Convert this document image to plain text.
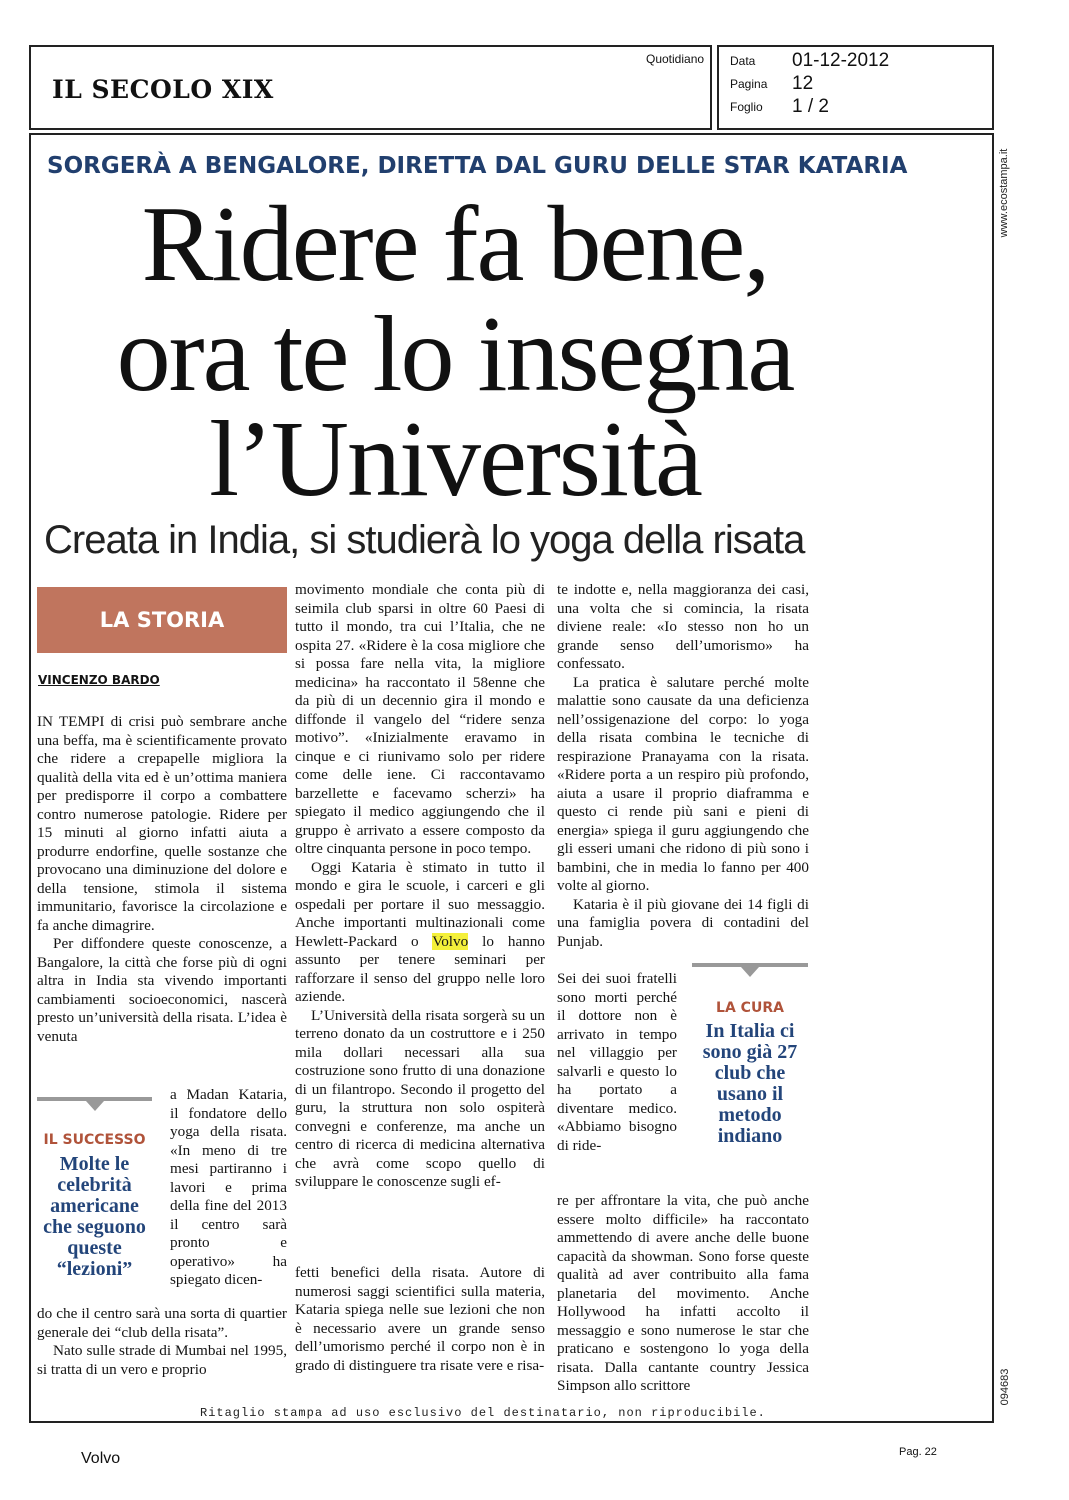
IL SECOLO XIX
Quotidiano Data 01-12-2012
Pagina 12
Foglio 1 / 2
www.ecostampa.it
094683
SORGERÀ A BENGALORE, DIRETTA DAL GURU DELLE STAR KATARIA
Ridere fa bene,
ora te lo insegna
l’Università
Creata in India, si studierà lo yoga della risata
LA STORIA
VINCENZO BARDO

IN TEMPI di crisi può sembrare anche una beffa, ma è scientificamente provato che ridere a crepapelle migliora la qualità della vita ed è un’ottima maniera per predisporre il corpo a combattere contro numerose patologie. Ridere per 15 minuti al giorno infatti aiuta a produrre endorfine, quelle sostanze che provocano una diminuzione del dolore e della tensione, stimola il sistema immunitario, favorisce la circolazione e fa anche dimagrire.

Per diffondere queste conoscenze, a Bangalore, la città che forse più di ogni altra in India sta vivendo importanti cambiamenti socioeconomici, nascerà presto un’università della risata. L’idea è venuta

IL SUCCESSO
Molte le celebrità americane che seguono queste “lezioni”

a Madan Kataria, il fondatore dello yoga della risata. «In meno di tre mesi partiranno i lavori e prima della fine del 2013 il centro sarà pronto e operativo» ha spiegato dicen-

do che il centro sarà una sorta di quartier generale dei “club della risata”.

Nato sulle strade di Mumbai nel 1995, si tratta di un vero e proprio

movimento mondiale che conta più di seimila club sparsi in oltre 60 Paesi di tutto il mondo, tra cui l’Italia, che ne ospita 27. «Ridere è la cosa migliore che si possa fare nella vita, la migliore medicina» ha raccontato il 58enne che da più di un decennio gira il mondo e diffonde il vangelo del “ridere senza motivo”. «Inizialmente eravamo in cinque e ci riunivamo solo per ridere come delle iene. Ci raccontavamo barzellette e facevamo scherzi» ha spiegato il medico aggiungendo che il gruppo è arrivato a essere composto da oltre cinquanta persone in poco tempo.

Oggi Kataria è stimato in tutto il mondo e gira le scuole, i carceri e gli ospedali per portare il suo messaggio. Anche importanti multinazionali come Hewlett-Packard o Volvo lo hanno assunto per tenere seminari per rafforzare il senso del gruppo nelle loro aziende.

L’Università della risata sorgerà su un terreno donato da un costruttore e i 250 mila dollari necessari alla sua costruzione sono frutto di una donazione di un filantropo. Secondo il progetto del guru, la struttura non solo ospiterà convegni e conferenze, ma anche un centro di ricerca di medicina alternativa che avrà come scopo quello di sviluppare le conoscenze sugli ef-

fetti benefici della risata. Autore di numerosi saggi scientifici sulla materia, Kataria spiega nelle sue lezioni che non è necessario avere un grande senso dell’umorismo perché il corpo non è in grado di distinguere tra risate vere e risa-

te indotte e, nella maggioranza dei casi, una volta che si comincia, la risata diviene reale: «Io stesso non ho un grande senso dell’umorismo» ha confessato.

La pratica è salutare perché molte malattie sono causate da una deficienza nell’ossigenazione del corpo: lo yoga della risata combina le tecniche di respirazione Pranayama con la risata. «Ridere porta a un respiro più profondo, aiuta a usare il proprio diaframma e questo ci rende più sani e pieni di energia» spiega il guru aggiungendo che gli esseri umani che ridono di più sono i bambini, che in media lo fanno per 400 volte al giorno.

Kataria è il più giovane dei 14 figli di una famiglia povera di contadini del Punjab.

LA CURA
In Italia ci sono già 27 club che usano il metodo indiano

Sei dei suoi fratelli sono morti perché il dottore non è arrivato in tempo nel villaggio per salvarli e questo lo ha portato a diventare medico. «Abbiamo bisogno di ride-

re per affrontare la vita, che può anche essere molto difficile» ha raccontato ammettendo di avere anche delle buone capacità da showman. Sono forse queste qualità ad aver contribuito alla fama planetaria del movimento. Anche Hollywood ha infatti accolto il messaggio e sono numerose le star che praticano e sostengono lo yoga della risata. Dalla cantante country Jessica Simpson allo scrittore

Ritaglio stampa ad uso esclusivo del destinatario, non riproducibile.
Volvo	Pag. 22
